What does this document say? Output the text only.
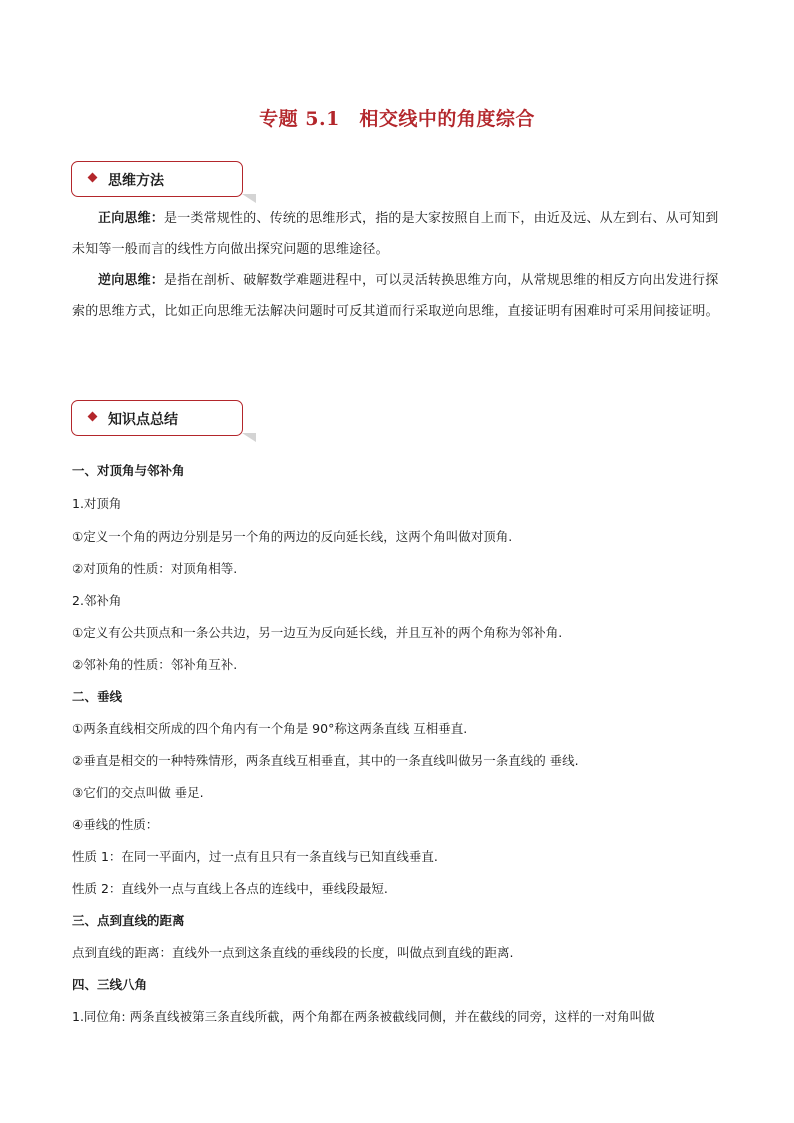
专题 5.1　相交线中的角度综合
思维方法
正向思维：是一类常规性的、传统的思维形式，指的是大家按照自上而下，由近及远、从左到右、从可知到未知等一般而言的线性方向做出探究问题的思维途径。
逆向思维：是指在剖析、破解数学难题进程中，可以灵活转换思维方向，从常规思维的相反方向出发进行探索的思维方式，比如正向思维无法解决问题时可反其道而行采取逆向思维，直接证明有困难时可采用间接证明。
知识点总结
一、对顶角与邻补角
1.对顶角
①定义一个角的两边分别是另一个角的两边的反向延长线，这两个角叫做对顶角.
②对顶角的性质：对顶角相等.
2.邻补角
①定义有公共顶点和一条公共边，另一边互为反向延长线，并且互补的两个角称为邻补角.
②邻补角的性质：邻补角互补.
二、垂线
①两条直线相交所成的四个角内有一个角是 90°称这两条直线 互相垂直.
②垂直是相交的一种特殊情形，两条直线互相垂直，其中的一条直线叫做另一条直线的 垂线.
③它们的交点叫做 垂足.
④垂线的性质：
性质 1：在同一平面内，过一点有且只有一条直线与已知直线垂直.
性质 2：直线外一点与直线上各点的连线中，垂线段最短.
三、点到直线的距离
点到直线的距离：直线外一点到这条直线的垂线段的长度，叫做点到直线的距离.
四、三线八角
1.同位角: 两条直线被第三条直线所截，两个角都在两条被截线同侧，并在截线的同旁，这样的一对角叫做
